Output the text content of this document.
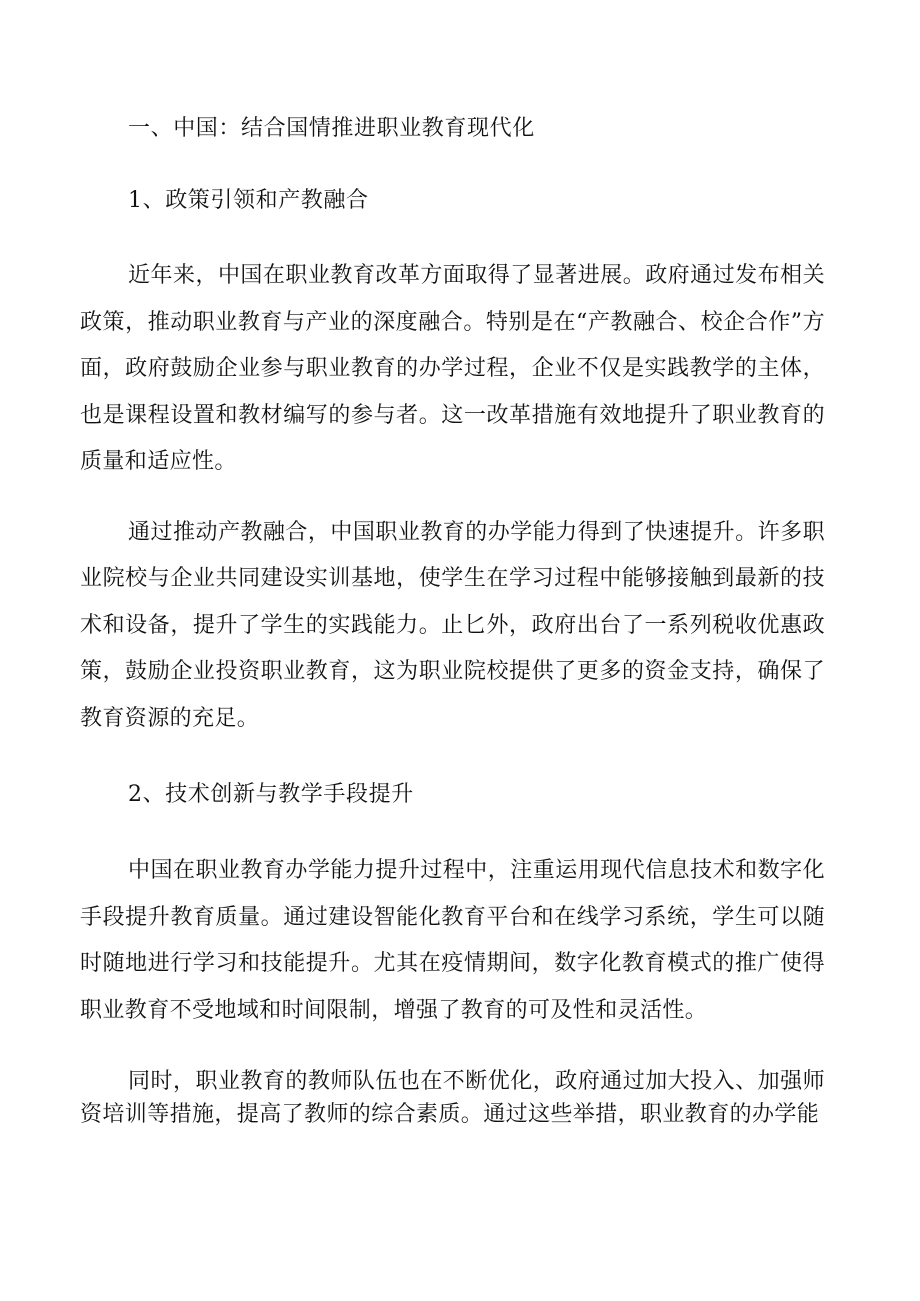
一、中国：结合国情推进职业教育现代化

1、政策引领和产教融合

近年来，中国在职业教育改革方面取得了显著进展。政府通过发布相关政策，推动职业教育与产业的深度融合。特别是在“产教融合、校企合作”方面，政府鼓励企业参与职业教育的办学过程，企业不仅是实践教学的主体，也是课程设置和教材编写的参与者。这一改革措施有效地提升了职业教育的质量和适应性。

通过推动产教融合，中国职业教育的办学能力得到了快速提升。许多职业院校与企业共同建设实训基地，使学生在学习过程中能够接触到最新的技术和设备，提升了学生的实践能力。止匕外，政府出台了一系列税收优惠政策，鼓励企业投资职业教育，这为职业院校提供了更多的资金支持，确保了教育资源的充足。

2、技术创新与教学手段提升

中国在职业教育办学能力提升过程中，注重运用现代信息技术和数字化手段提升教育质量。通过建设智能化教育平台和在线学习系统，学生可以随时随地进行学习和技能提升。尤其在疫情期间，数字化教育模式的推广使得职业教育不受地域和时间限制，增强了教育的可及性和灵活性。

同时，职业教育的教师队伍也在不断优化，政府通过加大投入、加强师资培训等措施，提高了教师的综合素质。通过这些举措，职业教育的办学能
